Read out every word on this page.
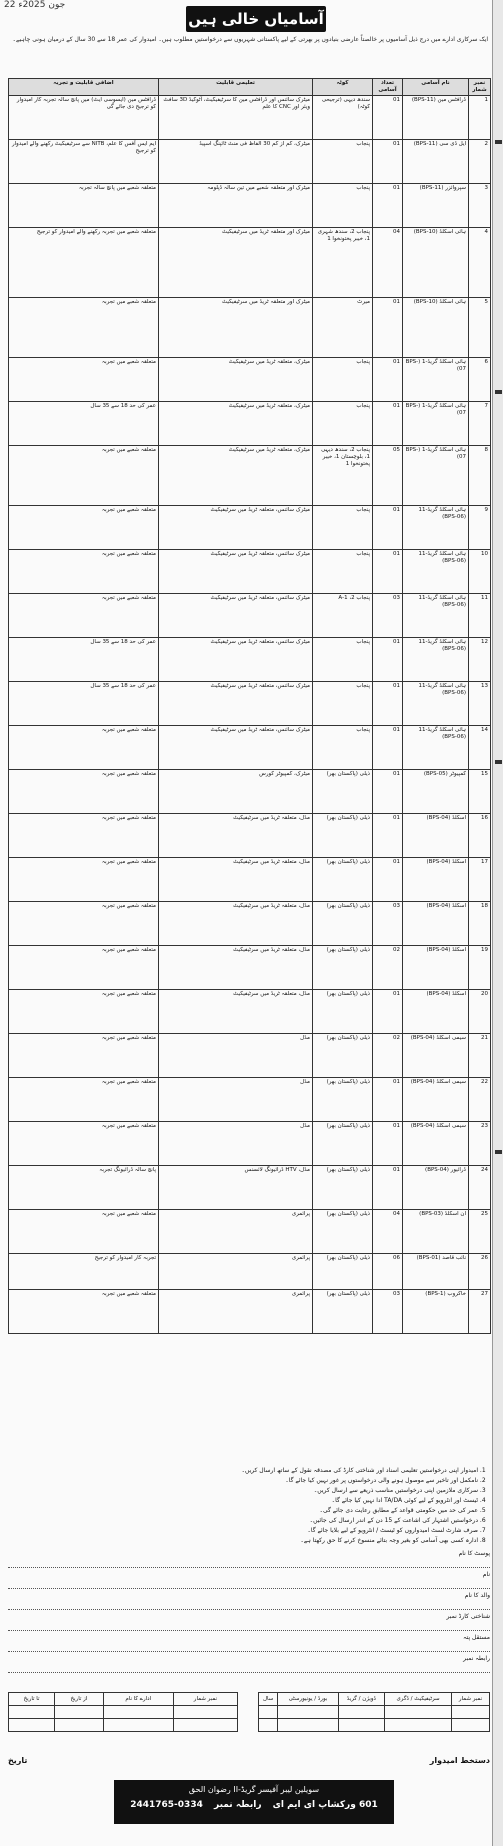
22 جون 2025ء
آسامیاں خالی ہیں
ایک سرکاری ادارے میں درج ذیل آسامیوں پر خالصتاً عارضی بنیادوں پر بھرتی کے لیے پاکستانی شہریوں سے درخواستیں مطلوب ہیں۔ امیدوار کی عمر 18 سے 30 سال کے درمیان ہونی چاہیے۔
نمبر شمار	نام آسامی	تعداد آسامی	کوٹہ	تعلیمی قابلیت	اضافی قابلیت و تجربہ
1	ڈرافٹس مین (BPS-11)	01	سندھ دیہی (ترجیحی کوٹہ)	میٹرک سائنس اور ڈرافٹس مین کا سرٹیفیکیٹ، آٹوکیڈ 3D سافٹ ویئر اور CNC کا علم	ڈرافٹس مین (ایسوسی ایٹ) میں پانچ سالہ تجربہ کار امیدوار کو ترجیح دی جائے گی
2	ایل ڈی سی (BPS-11)	01	پنجاب	میٹرک، کم از کم 30 الفاظ فی منٹ ٹائپنگ اسپیڈ	ایم ایس آفس کا علم، NITB سے سرٹیفیکیٹ رکھنے والے امیدوار کو ترجیح
3	سپروائزر (BPS-11)	01	پنجاب	میٹرک اور متعلقہ شعبے میں تین سالہ ڈپلومہ	متعلقہ شعبے میں پانچ سالہ تجربہ
4	ہائی اسکلڈ (BPS-10)	04	پنجاب 2، سندھ شہری 1، خیبر پختونخوا 1	میٹرک اور متعلقہ ٹریڈ میں سرٹیفیکیٹ	متعلقہ شعبے میں تجربہ رکھنے والے امیدوار کو ترجیح
5	ہائی اسکلڈ (BPS-10)	01	میرٹ	میٹرک اور متعلقہ ٹریڈ میں سرٹیفیکیٹ	متعلقہ شعبے میں تجربہ
6	ہائی اسکلڈ گریڈ-1 (BPS-07)	01	پنجاب	میٹرک، متعلقہ ٹریڈ میں سرٹیفیکیٹ	متعلقہ شعبے میں تجربہ
7	ہائی اسکلڈ گریڈ-1 (BPS-07)	01	پنجاب	میٹرک، متعلقہ ٹریڈ میں سرٹیفیکیٹ	عمر کی حد 18 سے 35 سال
8	ہائی اسکلڈ گریڈ-1 (BPS-07)	05	پنجاب 2، سندھ دیہی 1، بلوچستان 1، خیبر پختونخوا 1	میٹرک، متعلقہ ٹریڈ میں سرٹیفیکیٹ	متعلقہ شعبے میں تجربہ
9	ہائی اسکلڈ گریڈ-11 (BPS-06)	01	پنجاب	میٹرک سائنس، متعلقہ ٹریڈ میں سرٹیفیکیٹ	متعلقہ شعبے میں تجربہ
10	ہائی اسکلڈ گریڈ-11 (BPS-06)	01	پنجاب	میٹرک سائنس، متعلقہ ٹریڈ میں سرٹیفیکیٹ	متعلقہ شعبے میں تجربہ
11	ہائی اسکلڈ گریڈ-11 (BPS-06)	03	پنجاب 2، 1-A	میٹرک سائنس، متعلقہ ٹریڈ میں سرٹیفیکیٹ	متعلقہ شعبے میں تجربہ
12	ہائی اسکلڈ گریڈ-11 (BPS-06)	01	پنجاب	میٹرک سائنس، متعلقہ ٹریڈ میں سرٹیفیکیٹ	عمر کی حد 18 سے 35 سال
13	ہائی اسکلڈ گریڈ-11 (BPS-06)	01	پنجاب	میٹرک سائنس، متعلقہ ٹریڈ میں سرٹیفیکیٹ	عمر کی حد 18 سے 35 سال
14	ہائی اسکلڈ گریڈ-11 (BPS-06)	01	پنجاب	میٹرک سائنس، متعلقہ ٹریڈ میں سرٹیفیکیٹ	متعلقہ شعبے میں تجربہ
15	کمپیوٹر (BPS-05)	01	ذیلی (پاکستان بھر)	میٹرک، کمپیوٹر کورس	متعلقہ شعبے میں تجربہ
16	اسکلڈ (BPS-04)	01	ذیلی (پاکستان بھر)	مڈل، متعلقہ ٹریڈ میں سرٹیفیکیٹ	متعلقہ شعبے میں تجربہ
17	اسکلڈ (BPS-04)	01	ذیلی (پاکستان بھر)	مڈل، متعلقہ ٹریڈ میں سرٹیفیکیٹ	متعلقہ شعبے میں تجربہ
18	اسکلڈ (BPS-04)	03	ذیلی (پاکستان بھر)	مڈل، متعلقہ ٹریڈ میں سرٹیفیکیٹ	متعلقہ شعبے میں تجربہ
19	اسکلڈ (BPS-04)	02	ذیلی (پاکستان بھر)	مڈل، متعلقہ ٹریڈ میں سرٹیفیکیٹ	متعلقہ شعبے میں تجربہ
20	اسکلڈ (BPS-04)	01	ذیلی (پاکستان بھر)	مڈل، متعلقہ ٹریڈ میں سرٹیفیکیٹ	متعلقہ شعبے میں تجربہ
21	سیمی اسکلڈ (BPS-04)	02	ذیلی (پاکستان بھر)	مڈل	متعلقہ شعبے میں تجربہ
22	سیمی اسکلڈ (BPS-04)	01	ذیلی (پاکستان بھر)	مڈل	متعلقہ شعبے میں تجربہ
23	سیمی اسکلڈ (BPS-04)	01	ذیلی (پاکستان بھر)	مڈل	متعلقہ شعبے میں تجربہ
24	ڈرائیور (BPS-04)	01	ذیلی (پاکستان بھر)	مڈل، HTV ڈرائیونگ لائسنس	پانچ سالہ ڈرائیونگ تجربہ
25	ان اسکلڈ (BPS-03)	04	ذیلی (پاکستان بھر)	پرائمری	متعلقہ شعبے میں تجربہ
26	نائب قاصد (BPS-01)	06	ذیلی (پاکستان بھر)	پرائمری	تجربہ کار امیدوار کو ترجیح
27	خاکروب (BPS-1)	03	ذیلی (پاکستان بھر)	پرائمری	متعلقہ شعبے میں تجربہ
1. امیدوار اپنی درخواستیں تعلیمی اسناد اور شناختی کارڈ کی مصدقہ نقول کے ساتھ ارسال کریں۔
2. نامکمل اور تاخیر سے موصول ہونے والی درخواستوں پر غور نہیں کیا جائے گا۔
3. سرکاری ملازمین اپنی درخواستیں مناسب ذریعے سے ارسال کریں۔
4. ٹیسٹ اور انٹرویو کے لیے کوئی TA/DA ادا نہیں کیا جائے گا۔
5. عمر کی حد میں حکومتی قواعد کے مطابق رعایت دی جائے گی۔
6. درخواستیں اشتہار کی اشاعت کے 15 دن کے اندر ارسال کی جائیں۔
7. صرف شارٹ لسٹ امیدواروں کو ٹیسٹ / انٹرویو کے لیے بلایا جائے گا۔
8. ادارہ کسی بھی آسامی کو بغیر وجہ بتائے منسوخ کرنے کا حق رکھتا ہے۔
پوسٹ کا نام
نام
والد کا نام
شناختی کارڈ نمبر
مستقل پتہ
رابطہ نمبر
نمبر شمار	ادارے کا نام	از تاریخ	تا تاریخ

				نمبر شمار	سرٹیفیکیٹ / ڈگری	ڈویژن / گریڈ	بورڈ / یونیورسٹی	سال

دستخط امیدوار
تاریخ
سویلین لیبر آفیسر گریڈ-II رضوان الحق
601 ورکشاپ ای ایم ای رابطہ نمبر 0334-2441765
